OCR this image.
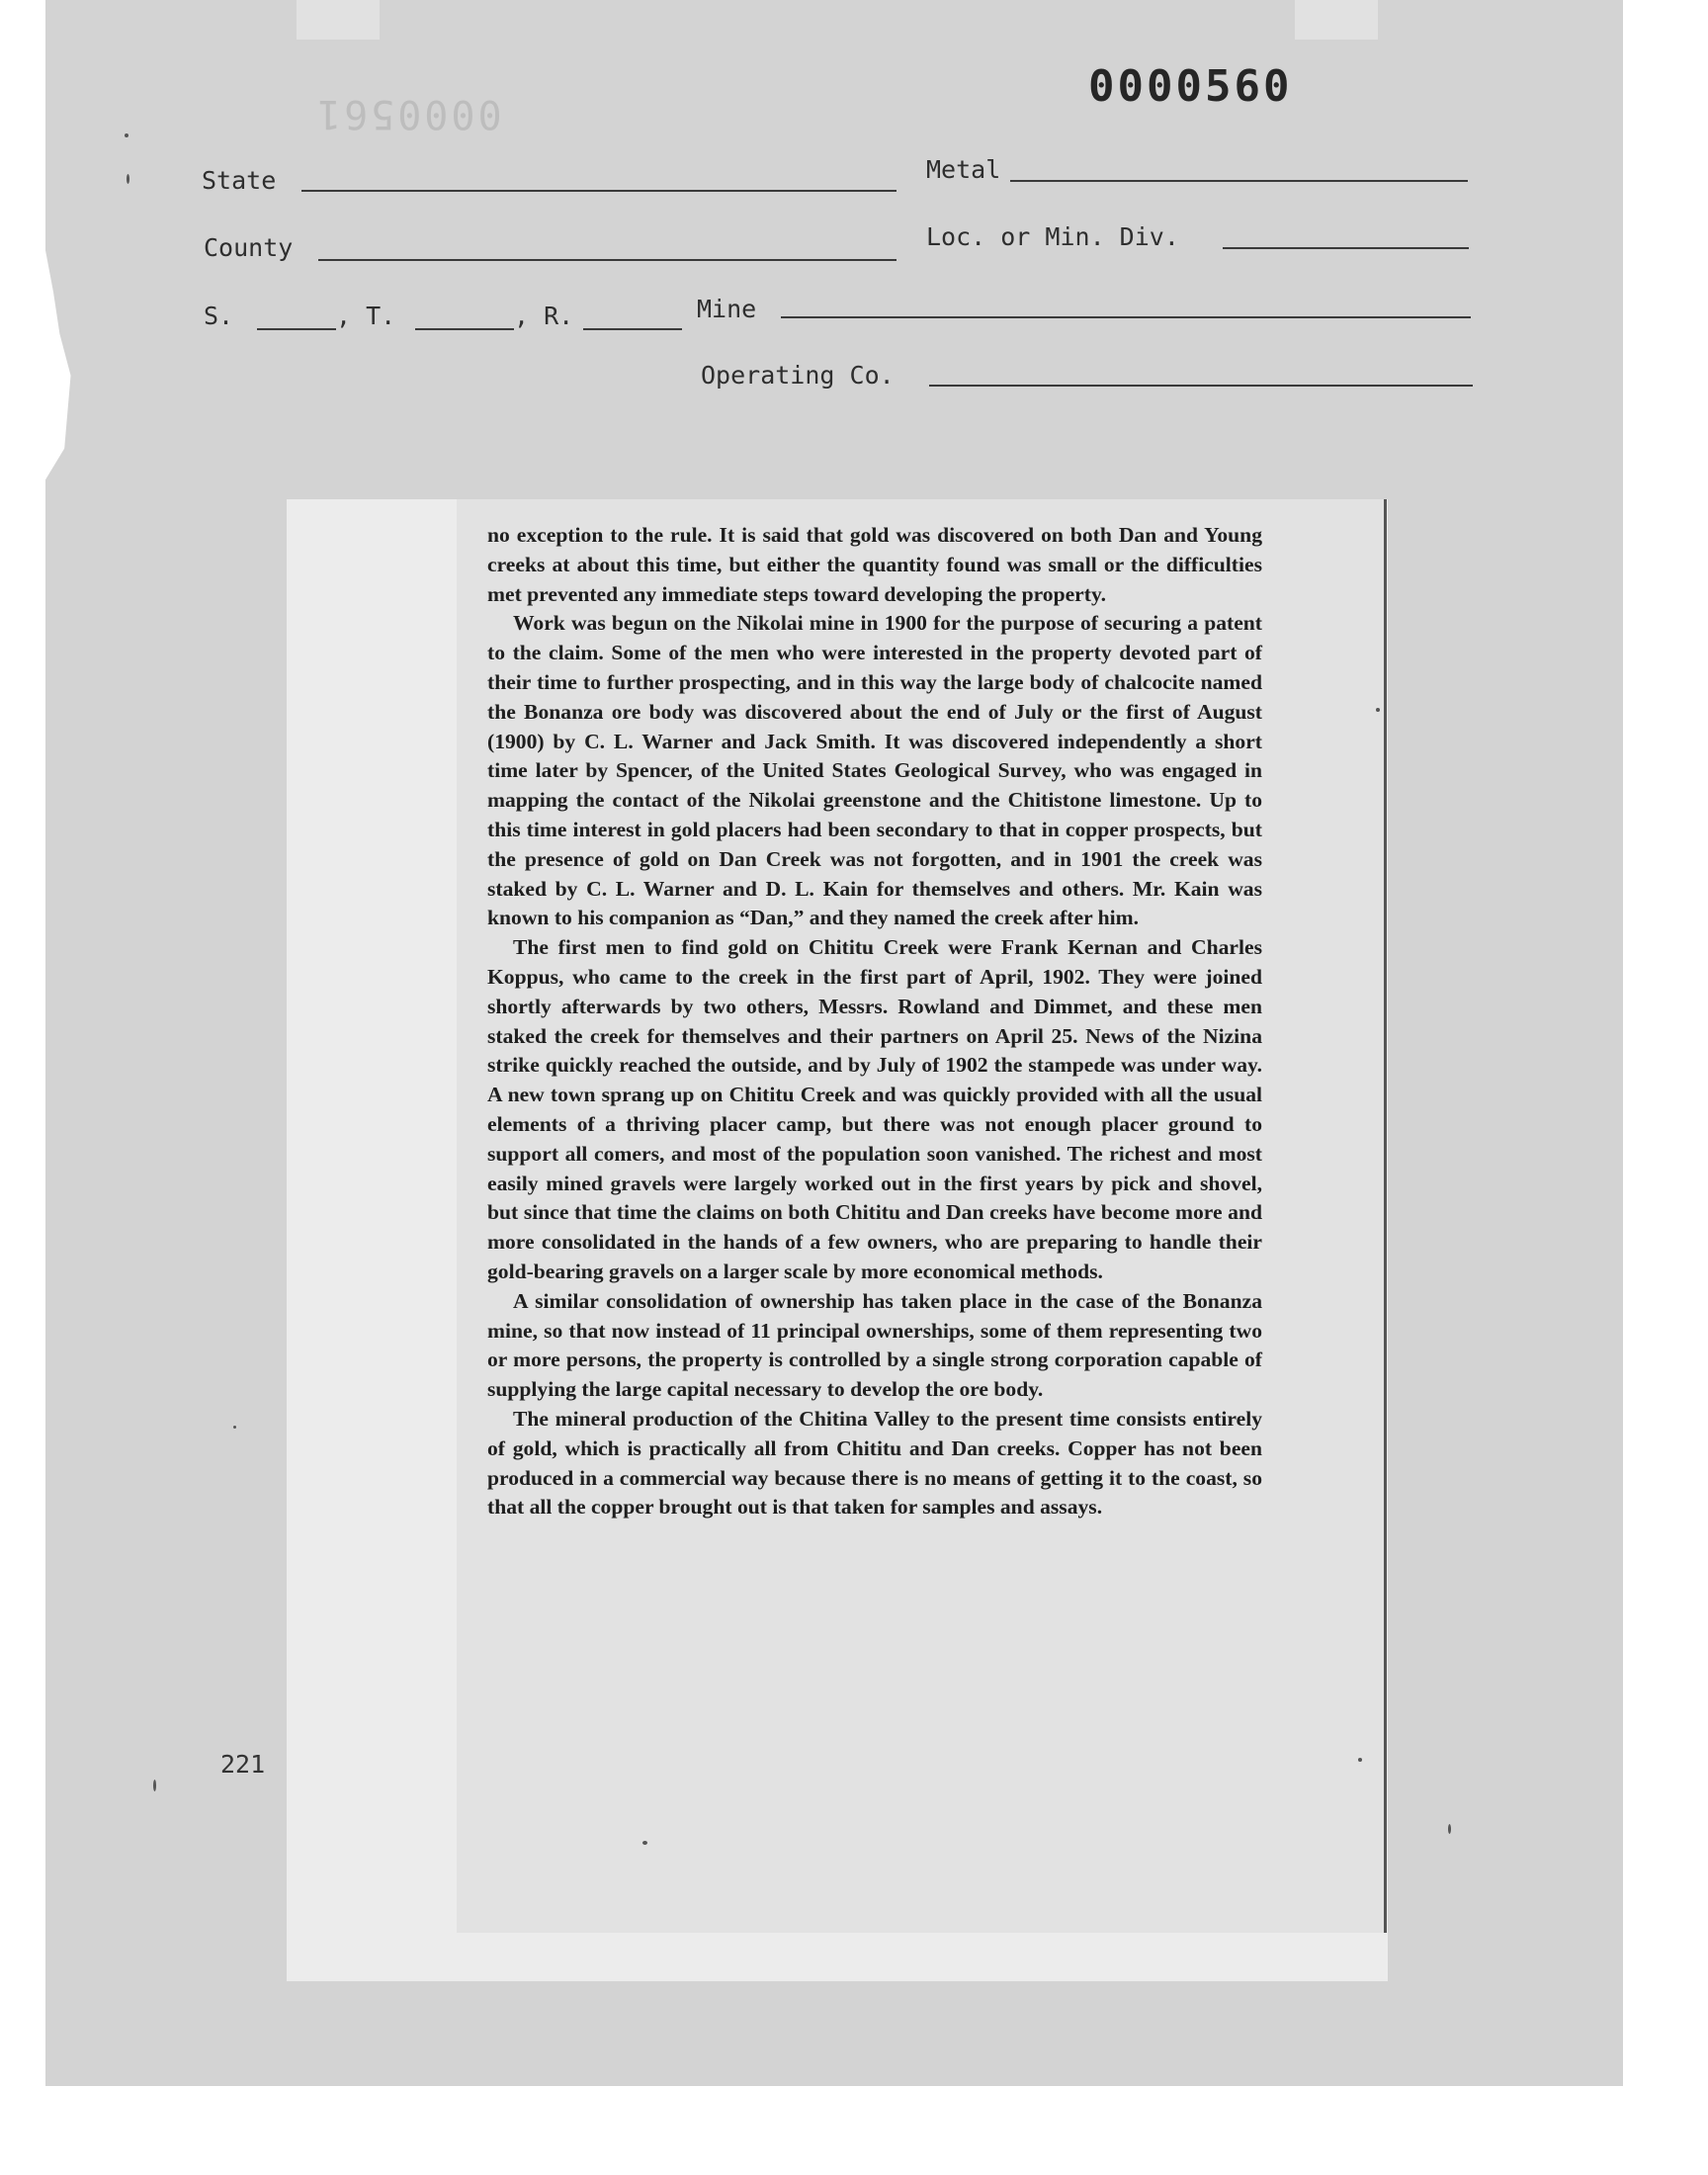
0000561
0000560
State	Metal
County	Loc. or Min. Div.
S.	, T.	, R.	Mine
Operating Co.

no exception to the rule. It is said that gold was discovered on both Dan and Young creeks at about this time, but either the quantity found was small or the difficulties met prevented any immediate steps toward developing the property.

Work was begun on the Nikolai mine in 1900 for the purpose of securing a patent to the claim. Some of the men who were interested in the property devoted part of their time to further prospecting, and in this way the large body of chalcocite named the Bonanza ore body was discovered about the end of July or the first of August (1900) by C. L. Warner and Jack Smith. It was discovered independently a short time later by Spencer, of the United States Geological Survey, who was engaged in mapping the contact of the Nikolai greenstone and the Chitistone limestone. Up to this time interest in gold placers had been secondary to that in copper prospects, but the presence of gold on Dan Creek was not forgotten, and in 1901 the creek was staked by C. L. Warner and D. L. Kain for themselves and others. Mr. Kain was known to his companion as “Dan,” and they named the creek after him.

The first men to find gold on Chititu Creek were Frank Kernan and Charles Koppus, who came to the creek in the first part of April, 1902. They were joined shortly afterwards by two others, Messrs. Rowland and Dimmet, and these men staked the creek for themselves and their partners on April 25. News of the Nizina strike quickly reached the outside, and by July of 1902 the stampede was under way. A new town sprang up on Chititu Creek and was quickly provided with all the usual elements of a thriving placer camp, but there was not enough placer ground to support all comers, and most of the population soon vanished. The richest and most easily mined gravels were largely worked out in the first years by pick and shovel, but since that time the claims on both Chititu and Dan creeks have become more and more consolidated in the hands of a few owners, who are preparing to handle their gold-bearing gravels on a larger scale by more economical methods.

A similar consolidation of ownership has taken place in the case of the Bonanza mine, so that now instead of 11 principal ownerships, some of them representing two or more persons, the property is controlled by a single strong corporation capable of supplying the large capital necessary to develop the ore body.

The mineral production of the Chitina Valley to the present time consists entirely of gold, which is practically all from Chititu and Dan creeks. Copper has not been produced in a commercial way because there is no means of getting it to the coast, so that all the copper brought out is that taken for samples and assays.

221
